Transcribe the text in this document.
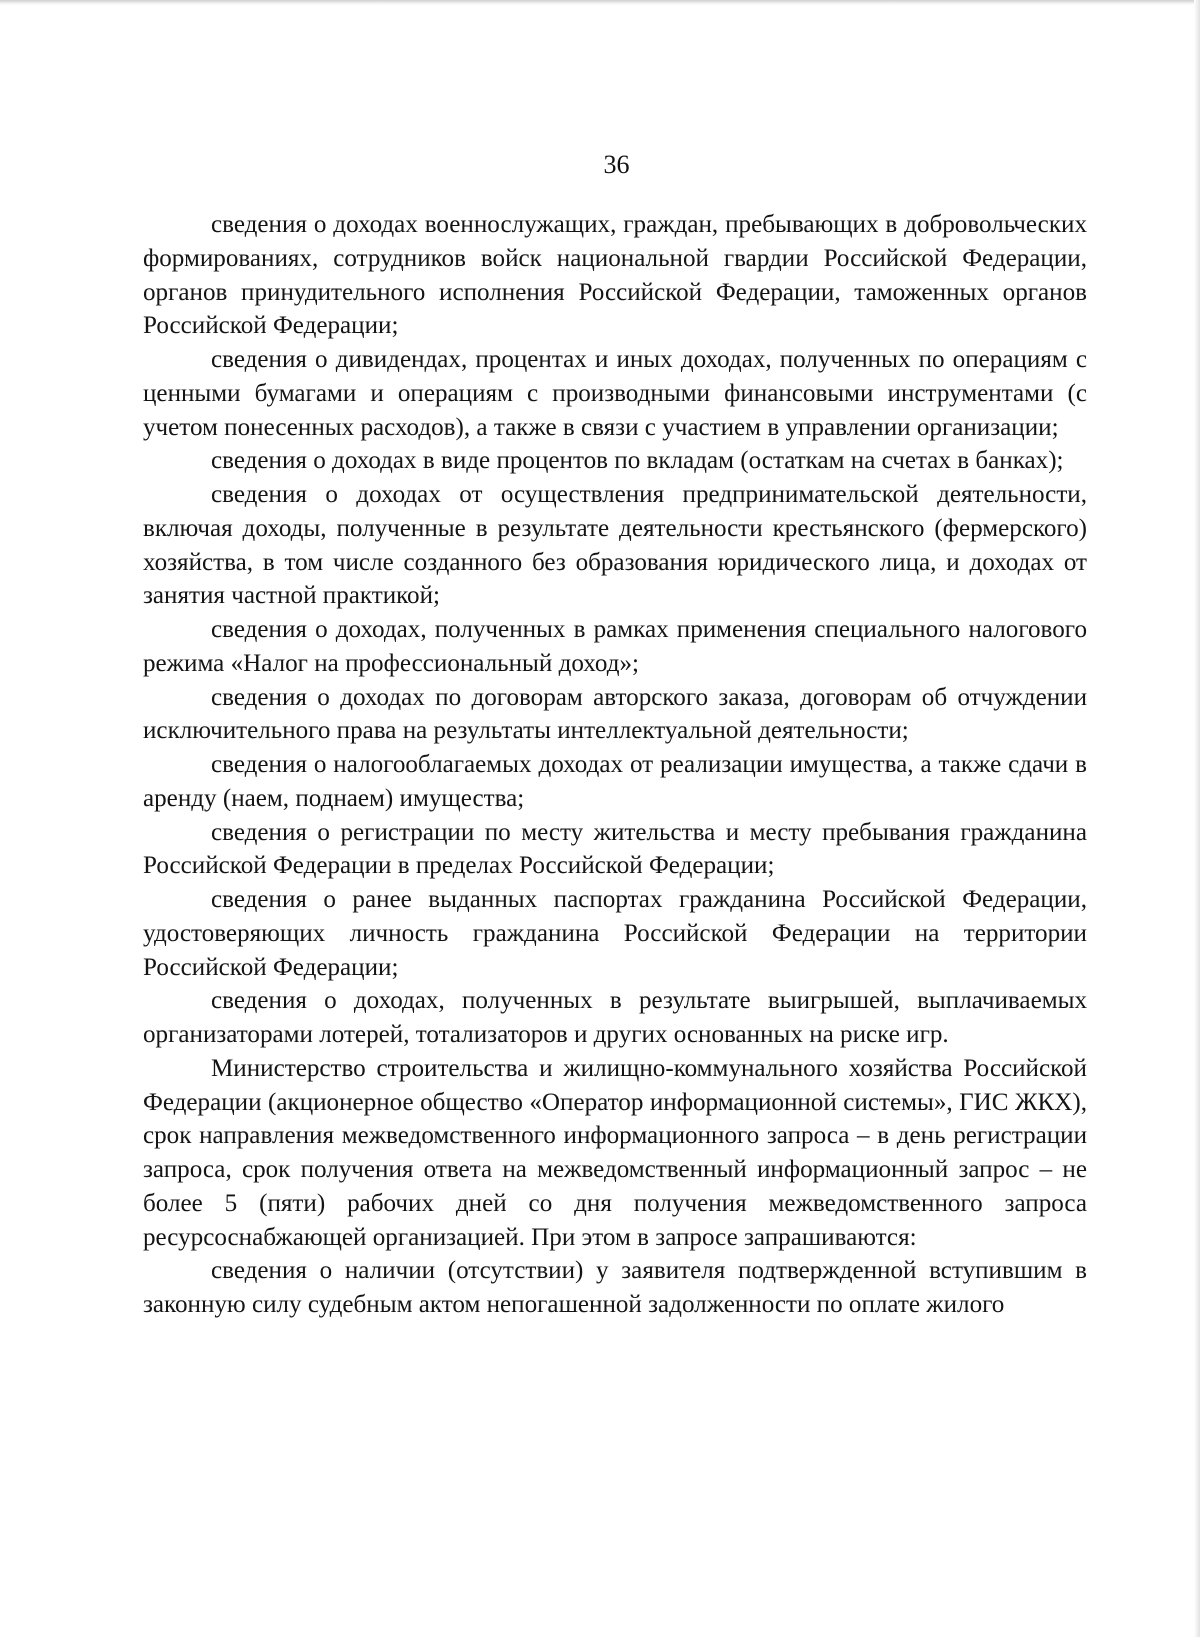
36

сведения о доходах военнослужащих, граждан, пребывающих в добровольческих формированиях, сотрудников войск национальной гвардии Российской Федерации, органов принудительного исполнения Российской Федерации, таможенных органов Российской Федерации;

сведения о дивидендах, процентах и иных доходах, полученных по операциям с ценными бумагами и операциям с производными финансовыми инструментами (с учетом понесенных расходов), а также в связи с участием в управлении организации;

сведения о доходах в виде процентов по вкладам (остаткам на счетах в банках);

сведения о доходах от осуществления предпринимательской деятельности, включая доходы, полученные в результате деятельности крестьянского (фермерского) хозяйства, в том числе созданного без образования юридического лица, и доходах от занятия частной практикой;

сведения о доходах, полученных в рамках применения специального налогового режима «Налог на профессиональный доход»;

сведения о доходах по договорам авторского заказа, договорам об отчуждении исключительного права на результаты интеллектуальной деятельности;

сведения о налогооблагаемых доходах от реализации имущества, а также сдачи в аренду (наем, поднаем) имущества;

сведения о регистрации по месту жительства и месту пребывания гражданина Российской Федерации в пределах Российской Федерации;

сведения о ранее выданных паспортах гражданина Российской Федерации, удостоверяющих личность гражданина Российской Федерации на территории Российской Федерации;

сведения о доходах, полученных в результате выигрышей, выплачиваемых организаторами лотерей, тотализаторов и других основанных на риске игр.

Министерство строительства и жилищно-коммунального хозяйства Российской Федерации (акционерное общество «Оператор информационной системы», ГИС ЖКХ), срок направления межведомственного информационного запроса – в день регистрации запроса, срок получения ответа на межведомственный информационный запрос – не более 5 (пяти) рабочих дней со дня получения межведомственного запроса ресурсоснабжающей организацией. При этом в запросе запрашиваются:

сведения о наличии (отсутствии) у заявителя подтвержденной вступившим в законную силу судебным актом непогашенной задолженности по оплате жилого
